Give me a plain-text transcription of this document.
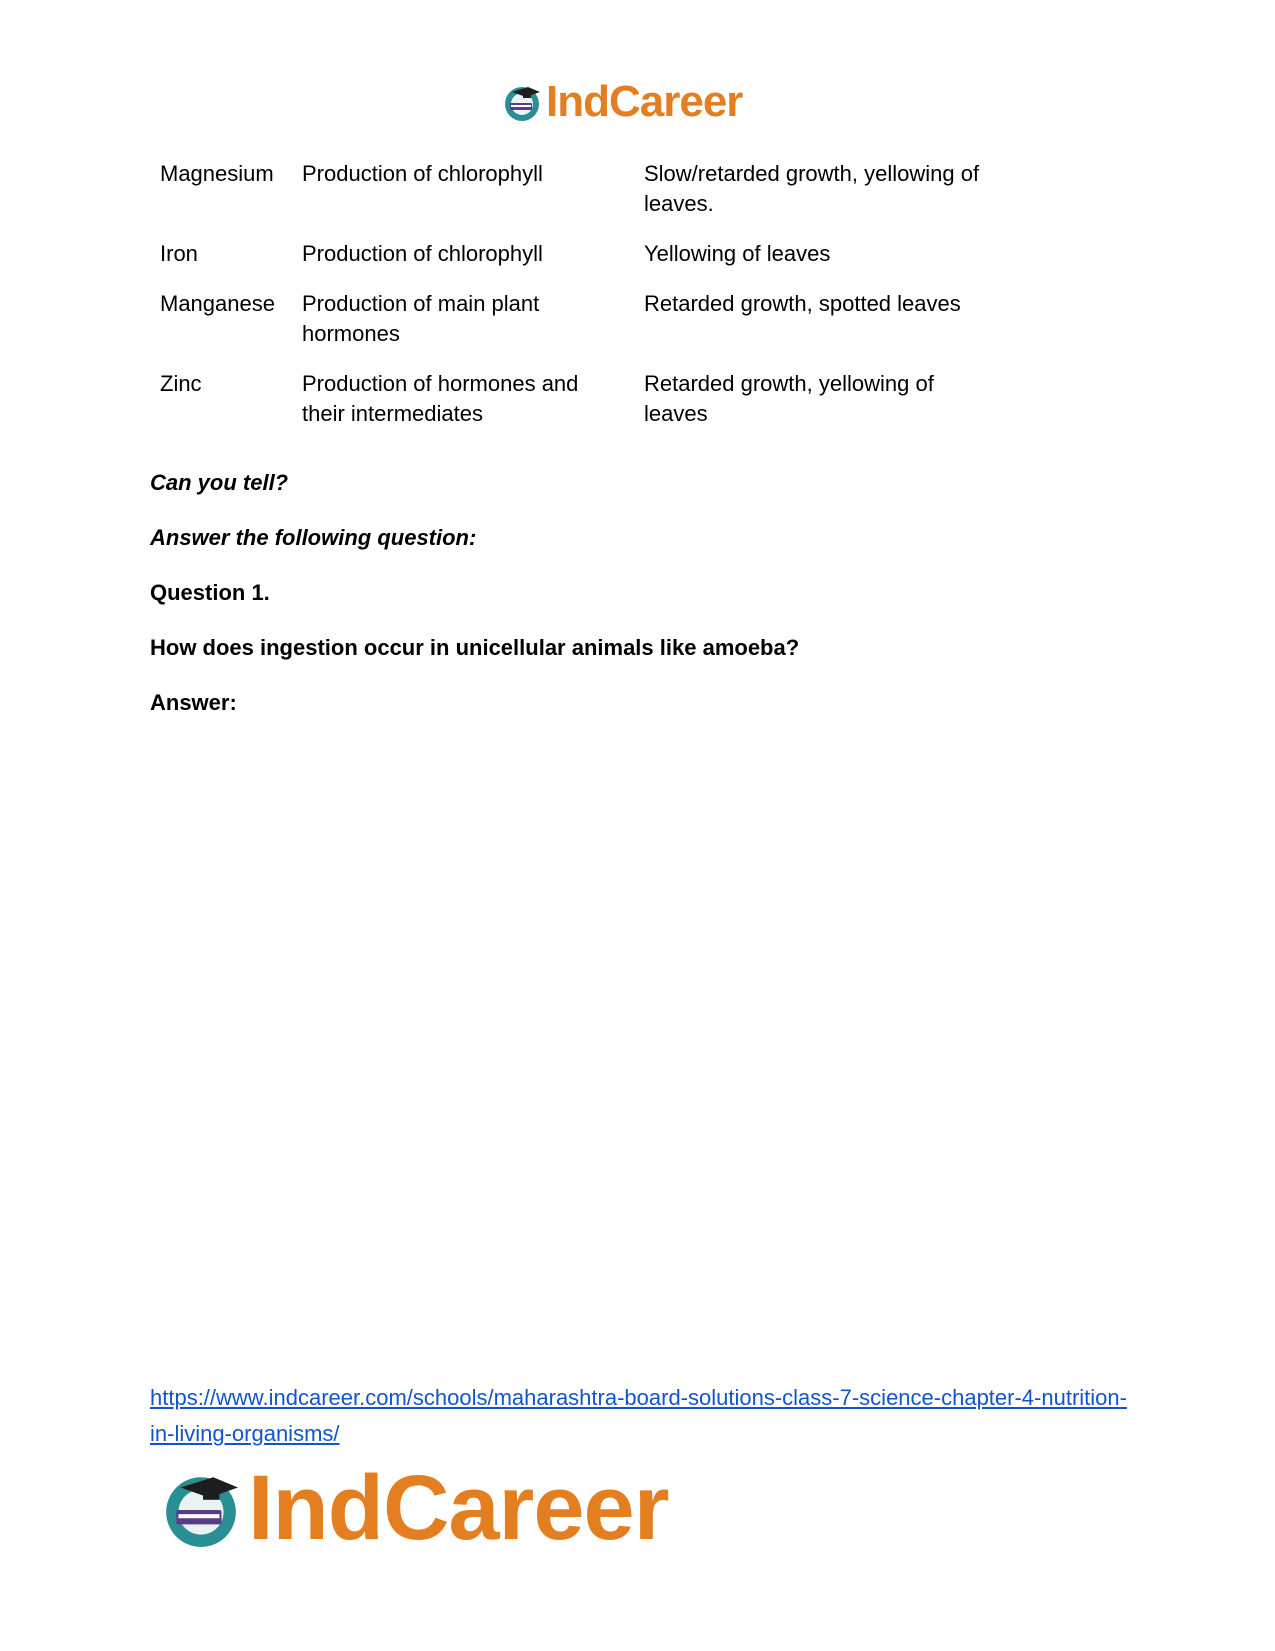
IndCareer
Magnesium	Production of chlorophyll	Slow/retarded growth, yellowing of leaves.
Iron	Production of chlorophyll	Yellowing of leaves
Manganese	Production of main plant hormones	Retarded growth, spotted leaves
Zinc	Production of hormones and their intermediates	Retarded growth, yellowing of leaves
Can you tell?
Answer the following question:
Question 1.
How does ingestion occur in unicellular animals like amoeba?
Answer:
https://www.indcareer.com/schools/maharashtra-board-solutions-class-7-science-chapter-4-nutrition-in-living-organisms/
IndCareer
